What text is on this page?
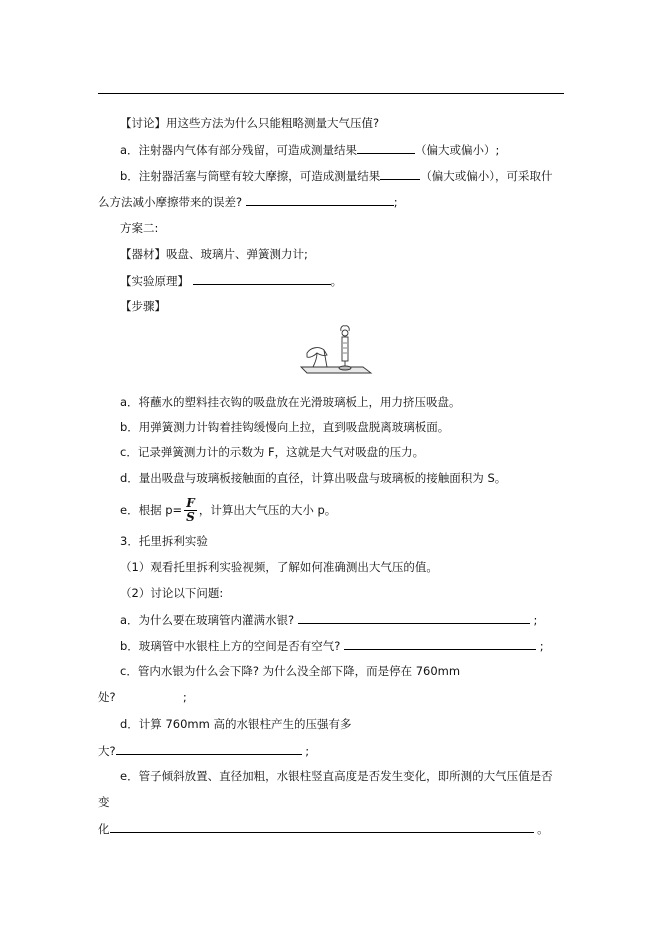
【讨论】用这些方法为什么只能粗略测量大气压值?
a．注射器内气体有部分残留，可造成测量结果	（偏大或偏小）;
b．注射器活塞与筒壁有较大摩擦，可造成测量结果	（偏大或偏小），可采取什
么方法减小摩擦带来的误差?	;
方案二:
【器材】吸盘、玻璃片、弹簧测力计;
【实验原理】	。
【步骤】
a．将蘸水的塑料挂衣钩的吸盘放在光滑玻璃板上，用力挤压吸盘。
b．用弹簧测力计钩着挂钩缓慢向上拉，直到吸盘脱离玻璃板面。
c．记录弹簧测力计的示数为 F，这就是大气对吸盘的压力。
d．量出吸盘与玻璃板接触面的直径，计算出吸盘与玻璃板的接触面积为 S。
e．根据 $p= \frac{F}{S}$ ，计算出大气压的大小 p。
3．托里拆利实验
（1）观看托里拆利实验视频，了解如何准确测出大气压的值。
（2）讨论以下问题:
a．为什么要在玻璃管内灌满水银?	;
b．玻璃管中水银柱上方的空间是否有空气?	;
c．管内水银为什么会下降? 为什么没全部下降，而是停在 760mm
处?	;
d．计算 760mm 高的水银柱产生的压强有多
大?	;
e．管子倾斜放置、直径加粗，水银柱竖直高度是否发生变化，即所测的大气压值是否
变
化	。
